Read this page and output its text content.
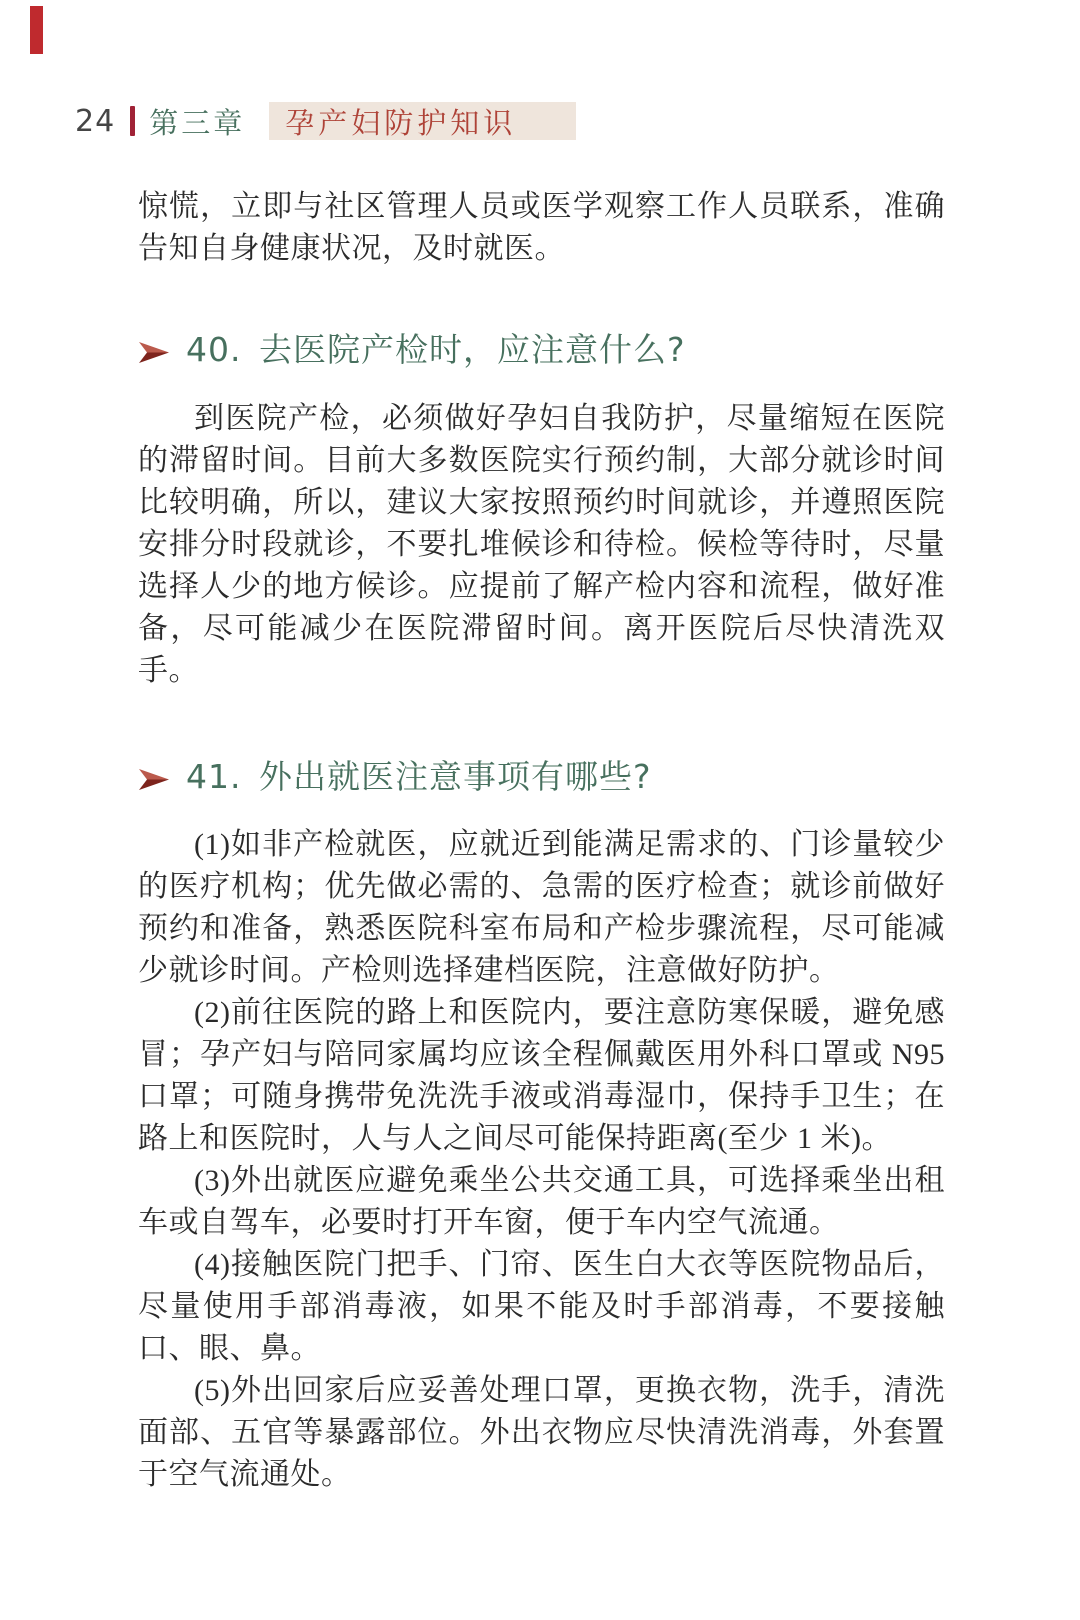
24 第三章 孕产妇防护知识

惊慌，立即与社区管理人员或医学观察工作人员联系，准确告知自身健康状况，及时就医。

40. 去医院产检时，应注意什么?

到医院产检，必须做好孕妇自我防护，尽量缩短在医院的滞留时间。目前大多数医院实行预约制，大部分就诊时间比较明确，所以，建议大家按照预约时间就诊，并遵照医院安排分时段就诊，不要扎堆候诊和待检。候检等待时，尽量选择人少的地方候诊。应提前了解产检内容和流程，做好准备，尽可能减少在医院滞留时间。离开医院后尽快清洗双手。

41. 外出就医注意事项有哪些?

(1)如非产检就医，应就近到能满足需求的、门诊量较少的医疗机构；优先做必需的、急需的医疗检查；就诊前做好预约和准备，熟悉医院科室布局和产检步骤流程，尽可能减少就诊时间。产检则选择建档医院，注意做好防护。

(2)前往医院的路上和医院内，要注意防寒保暖，避免感冒；孕产妇与陪同家属均应该全程佩戴医用外科口罩或 N95 口罩；可随身携带免洗洗手液或消毒湿巾，保持手卫生；在路上和医院时，人与人之间尽可能保持距离(至少 1 米)。

(3)外出就医应避免乘坐公共交通工具，可选择乘坐出租车或自驾车，必要时打开车窗，便于车内空气流通。

(4)接触医院门把手、门帘、医生白大衣等医院物品后，尽量使用手部消毒液，如果不能及时手部消毒，不要接触口、眼、鼻。

(5)外出回家后应妥善处理口罩，更换衣物，洗手，清洗面部、五官等暴露部位。外出衣物应尽快清洗消毒，外套置于空气流通处。
